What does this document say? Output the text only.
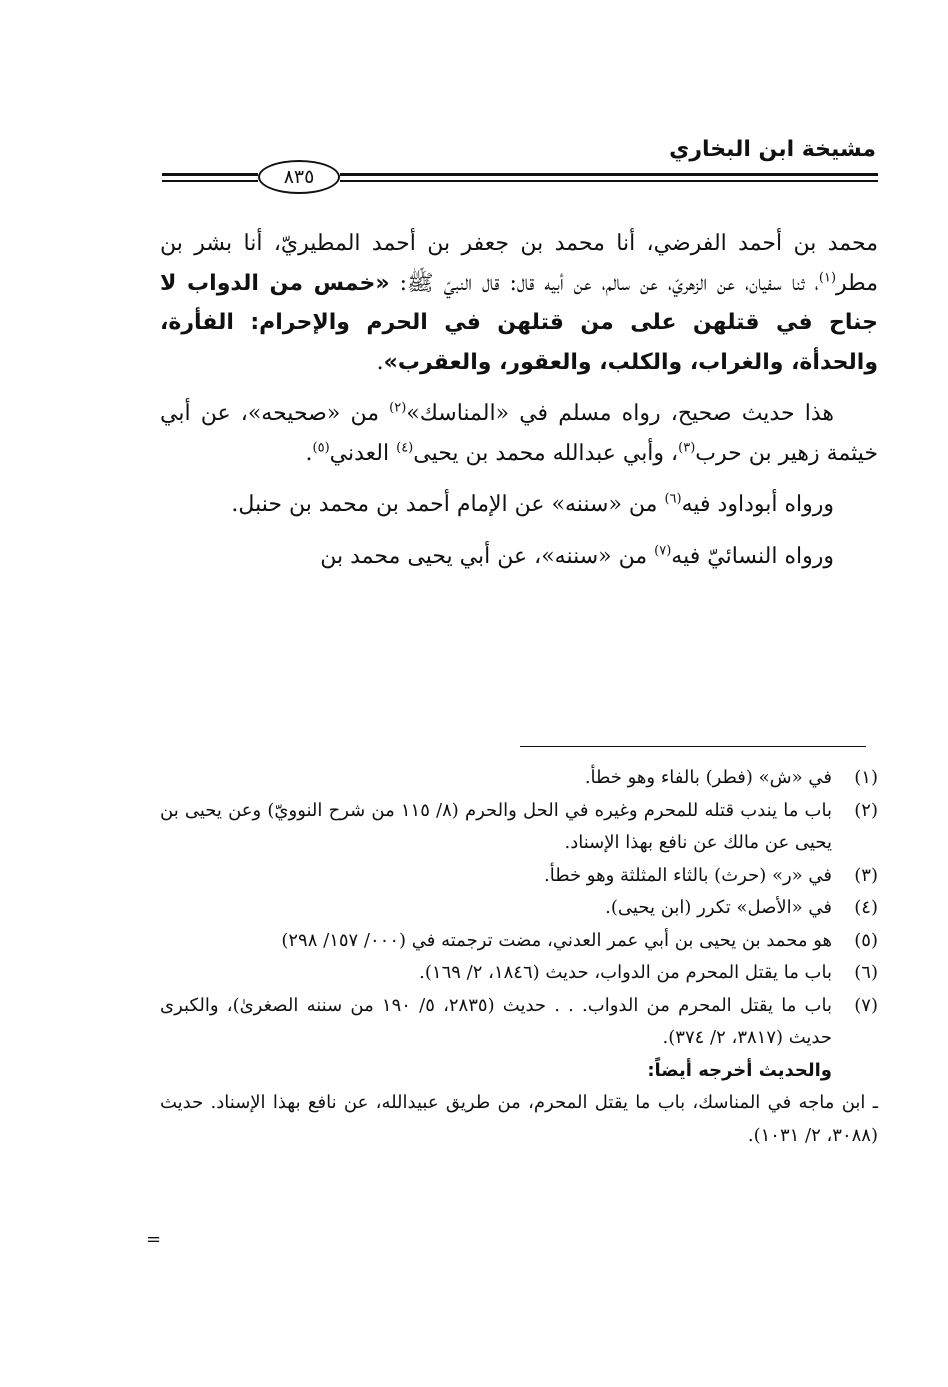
مشيخة ابن البخاري
٨٣٥

محمد بن أحمد الفرضي، أنا محمد بن جعفر بن أحمد المطيريّ، أنا بشر بن مطر$^{(١)}$، ثنا سفيان، عن الزهريّ، عن سالم، عن أبيه قال: قال النبيّ ﷺ: «خمس من الدواب لا جناح في قتلهن على من قتلهن في الحرم والإحرام: الفأرة، والحدأة، والغراب، والكلب، والعقور، والعقرب».

هذا حديث صحيح، رواه مسلم في «المناسك»$^{(٢)}$ من «صحيحه»، عن أبي خيثمة زهير بن حرب$^{(٣)}$، وأبي عبدالله محمد بن يحيى$^{(٤)}$ العدني$^{(٥)}$.

ورواه أبوداود فيه$^{(٦)}$ من «سننه» عن الإمام أحمد بن محمد بن حنبل.

ورواه النسائيّ فيه$^{(٧)}$ من «سننه»، عن أبي يحيى محمد بن

(١)
في «ش» (فطر) بالفاء وهو خطأ.
(٢)
باب ما يندب قتله للمحرم وغيره في الحل والحرم (٨/ ١١٥ من شرح النوويّ) وعن يحيى بن يحيى عن مالك عن نافع بهذا الإسناد.
(٣)
في «ر» (حرث) بالثاء المثلثة وهو خطأ.
(٤)
في «الأصل» تكرر (ابن يحيى).
(٥)
هو محمد بن يحيى بن أبي عمر العدني، مضت ترجمته في (٠٠٠/ ١٥٧/ ٢٩٨)
(٦)
باب ما يقتل المحرم من الدواب، حديث (١٨٤٦، ٢/ ١٦٩).
(٧)
باب ما يقتل المحرم من الدواب. . . حديث (٢٨٣٥، ٥/ ١٩٠ من سننه الصغرىٰ)، والكبرى حديث (٣٨١٧، ٢/ ٣٧٤).
والحديث أخرجه أيضاً:
ـ ابن ماجه في المناسك، باب ما يقتل المحرم، من طريق عبيدالله، عن نافع بهذا الإسناد. حديث (٣٠٨٨، ٢/ ١٠٣١).
=
